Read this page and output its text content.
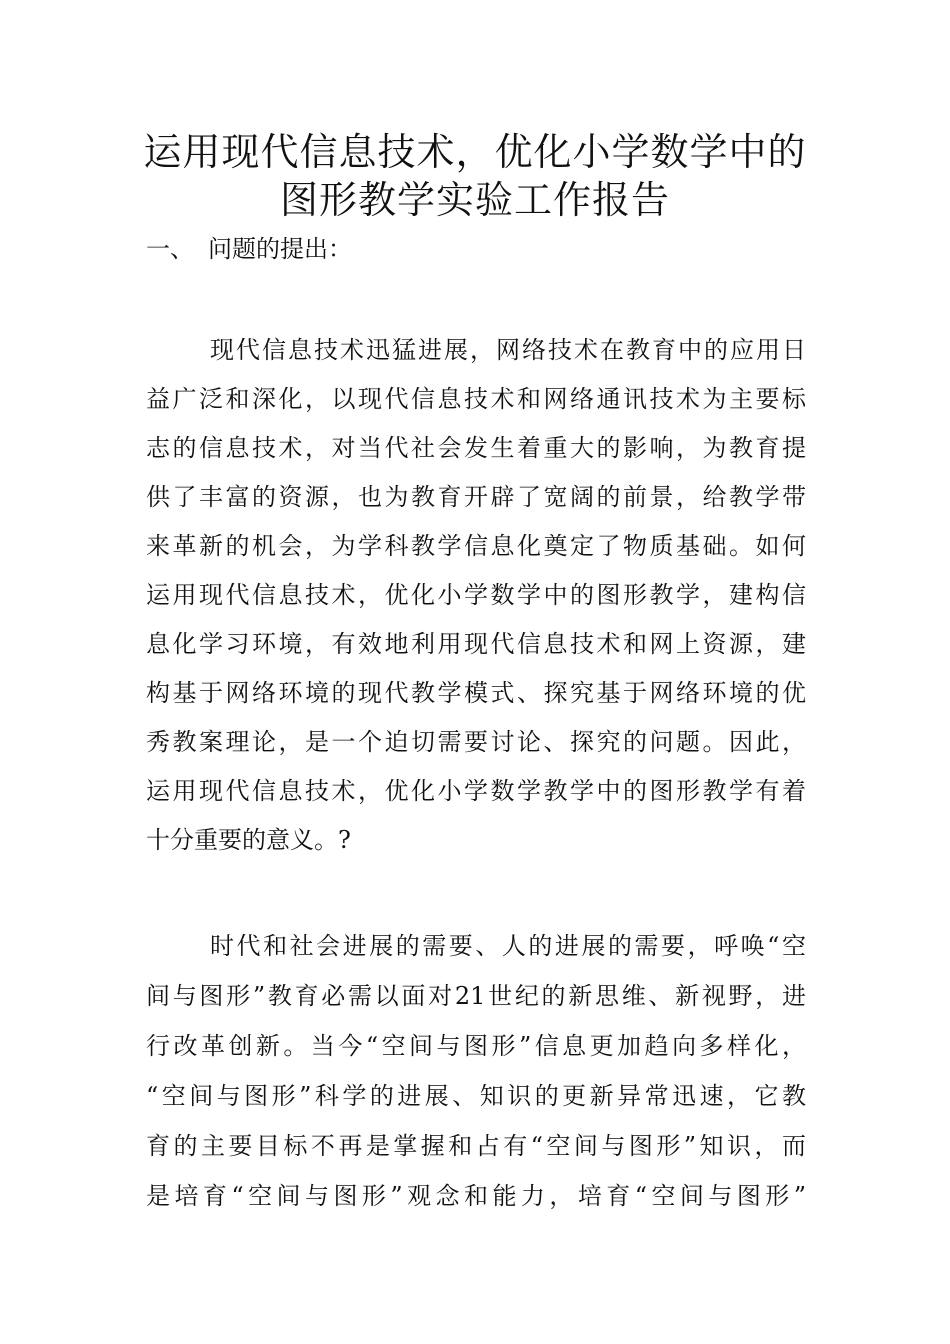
运用现代信息技术，优化小学数学中的
图形教学实验工作报告
一、 问题的提出：
现代信息技术迅猛进展，网络技术在教育中的应用日
益广泛和深化，以现代信息技术和网络通讯技术为主要标
志的信息技术，对当代社会发生着重大的影响，为教育提
供了丰富的资源，也为教育开辟了宽阔的前景，给教学带
来革新的机会，为学科教学信息化奠定了物质基础。如何
运用现代信息技术，优化小学数学中的图形教学，建构信
息化学习环境，有效地利用现代信息技术和网上资源，建
构基于网络环境的现代教学模式、探究基于网络环境的优
秀教案理论，是一个迫切需要讨论、探究的问题。因此，
运用现代信息技术，优化小学数学教学中的图形教学有着
十分重要的意义。?
时代和社会进展的需要、人的进展的需要，呼唤“空
间与图形”教育必需以面对21世纪的新思维、新视野，进
行改革创新。当今“空间与图形”信息更加趋向多样化，
“空间与图形”科学的进展、知识的更新异常迅速，它教
育的主要目标不再是掌握和占有“空间与图形”知识，而
是培育“空间与图形”观念和能力，培育“空间与图形”
